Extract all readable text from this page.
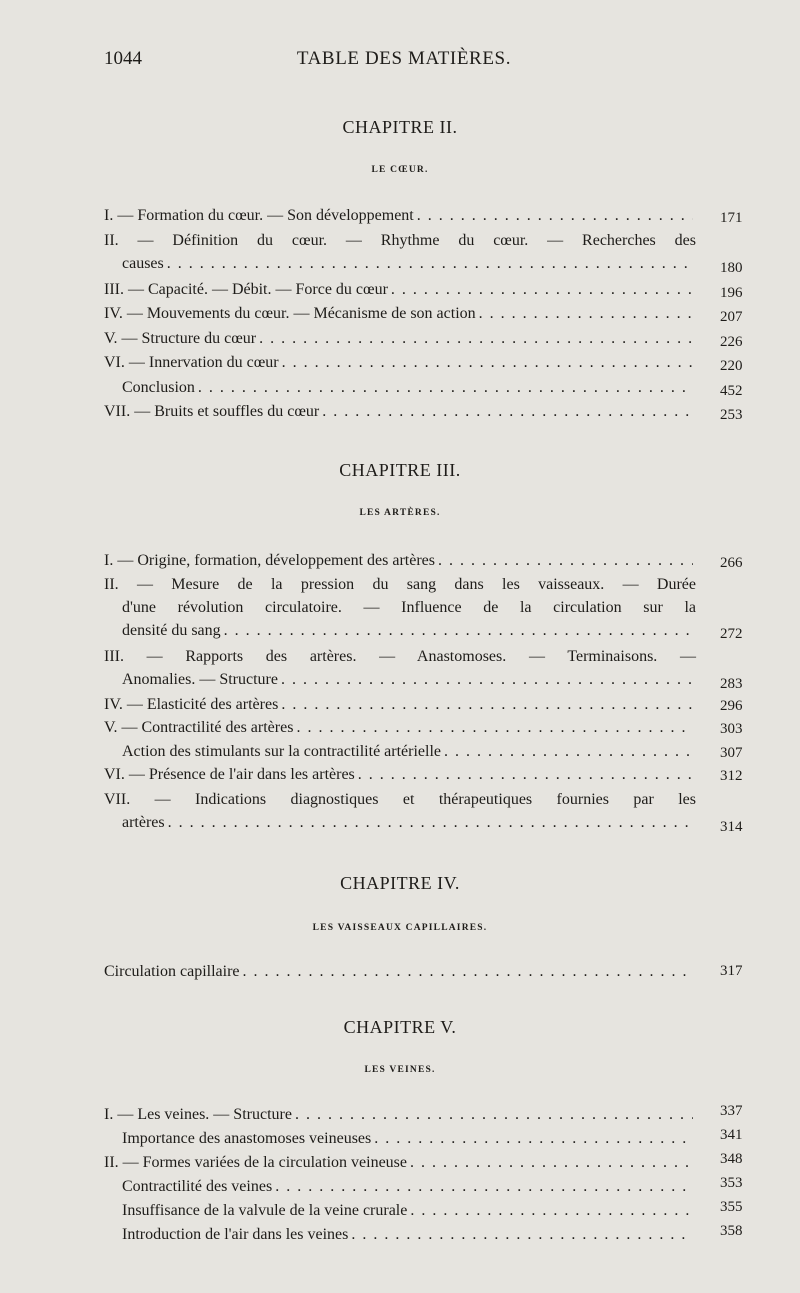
1044	TABLE DES MATIÈRES.
CHAPITRE II.
LE CŒUR.
I. — Formation du cœur. — Son développement . . .	171
II. — Définition du cœur. — Rhythme du cœur. — Recherches des
causes . . .	180
III. — Capacité. — Débit. — Force du cœur . . .	196
IV. — Mouvements du cœur. — Mécanisme de son action . . .	207
V. — Structure du cœur . . .	226
VI. — Innervation du cœur . . .	220
Conclusion . . .	452
VII. — Bruits et souffles du cœur . . .	253
CHAPITRE III.
LES ARTÈRES.
I. — Origine, formation, développement des artères . . .	266
II. — Mesure de la pression du sang dans les vaisseaux. — Durée
d'une révolution circulatoire. — Influence de la circulation sur la
densité du sang . . .	272
III. — Rapports des artères. — Anastomoses. — Terminaisons. —
Anomalies. — Structure . . .	283
IV. — Elasticité des artères . . .	296
V. — Contractilité des artères . . .	303
Action des stimulants sur la contractilité artérielle . . .	307
VI. — Présence de l'air dans les artères . . .	312
VII. — Indications diagnostiques et thérapeutiques fournies par les
artères . . .	314
CHAPITRE IV.
LES VAISSEAUX CAPILLAIRES.
Circulation capillaire . . .	317
CHAPITRE V.
LES VEINES.
I. — Les veines. — Structure . . .	337
Importance des anastomoses veineuses . . .	341
II. — Formes variées de la circulation veineuse . . .	348
Contractilité des veines . . .	353
Insuffisance de la valvule de la veine crurale . . .	355
Introduction de l'air dans les veines . . .	358
